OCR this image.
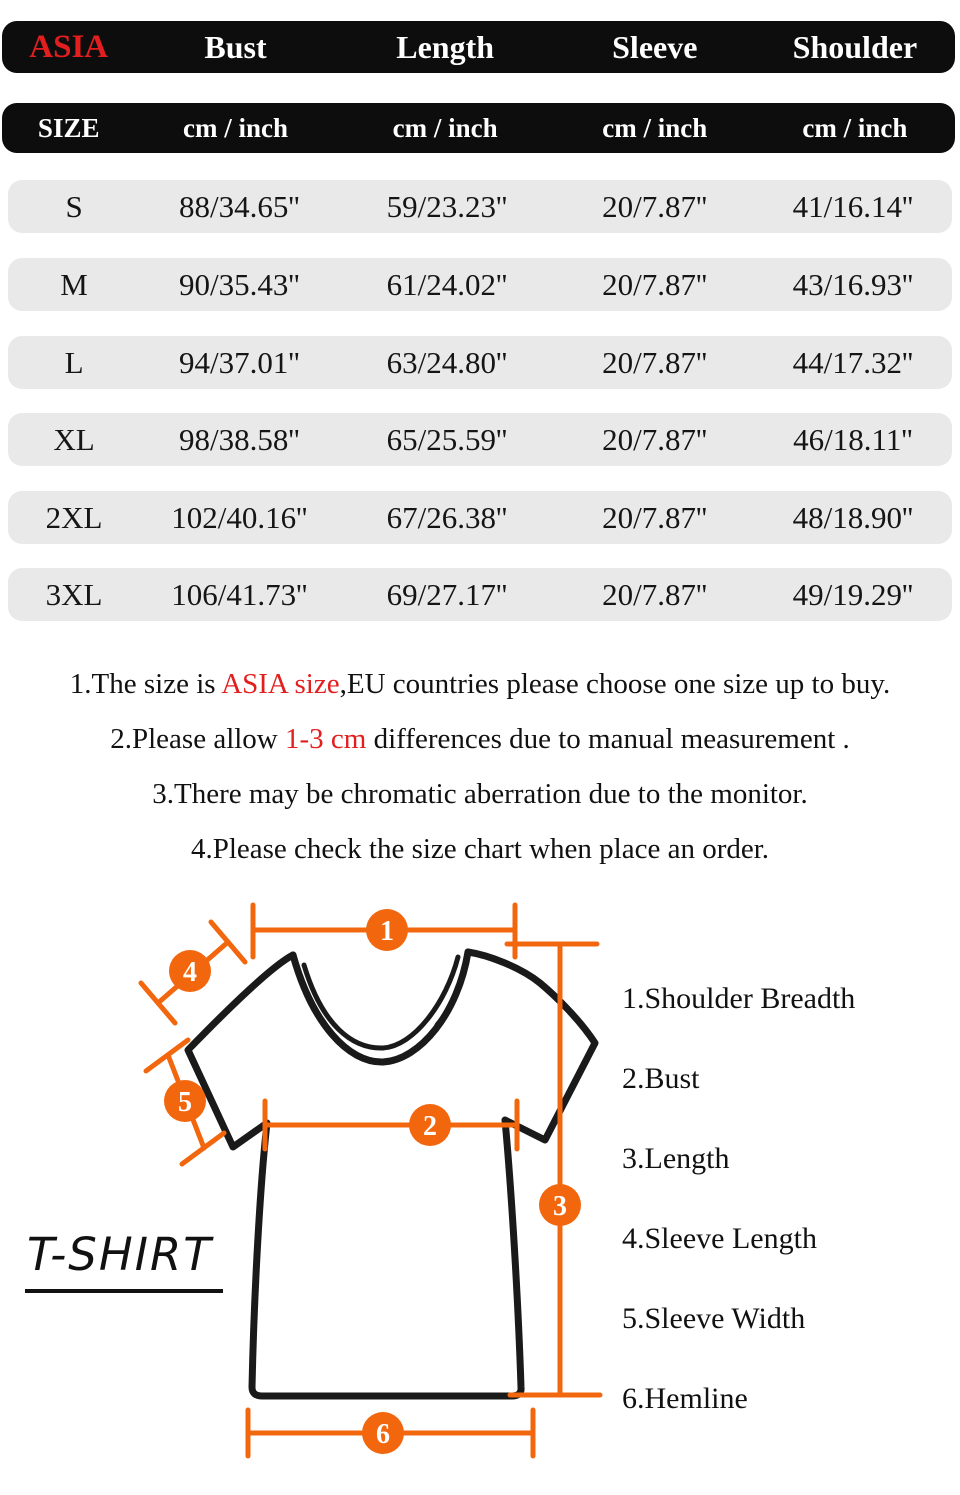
ASIA	Bust	Length	Sleeve	Shoulder
SIZE	cm / inch	cm / inch	cm / inch	cm / inch
S	88/34.65''	59/23.23''	20/7.87''	41/16.14''
M	90/35.43''	61/24.02''	20/7.87''	43/16.93''
L	94/37.01''	63/24.80''	20/7.87''	44/17.32''
XL	98/38.58''	65/25.59''	20/7.87''	46/18.11''
2XL	102/40.16''	67/26.38''	20/7.87''	48/18.90''
3XL	106/41.73''	69/27.17''	20/7.87''	49/19.29''
1.The size is ASIA size,EU countries please choose one size up to buy.
2.Please allow 1-3 cm differences due to manual measurement .
3.There may be chromatic aberration due to the monitor.
4.Please check the size chart when place an order.
1
2
3
4
5
6
T-SHIRT
1.Shoulder Breadth
2.Bust
3.Length
4.Sleeve Length
5.Sleeve Width
6.Hemline
